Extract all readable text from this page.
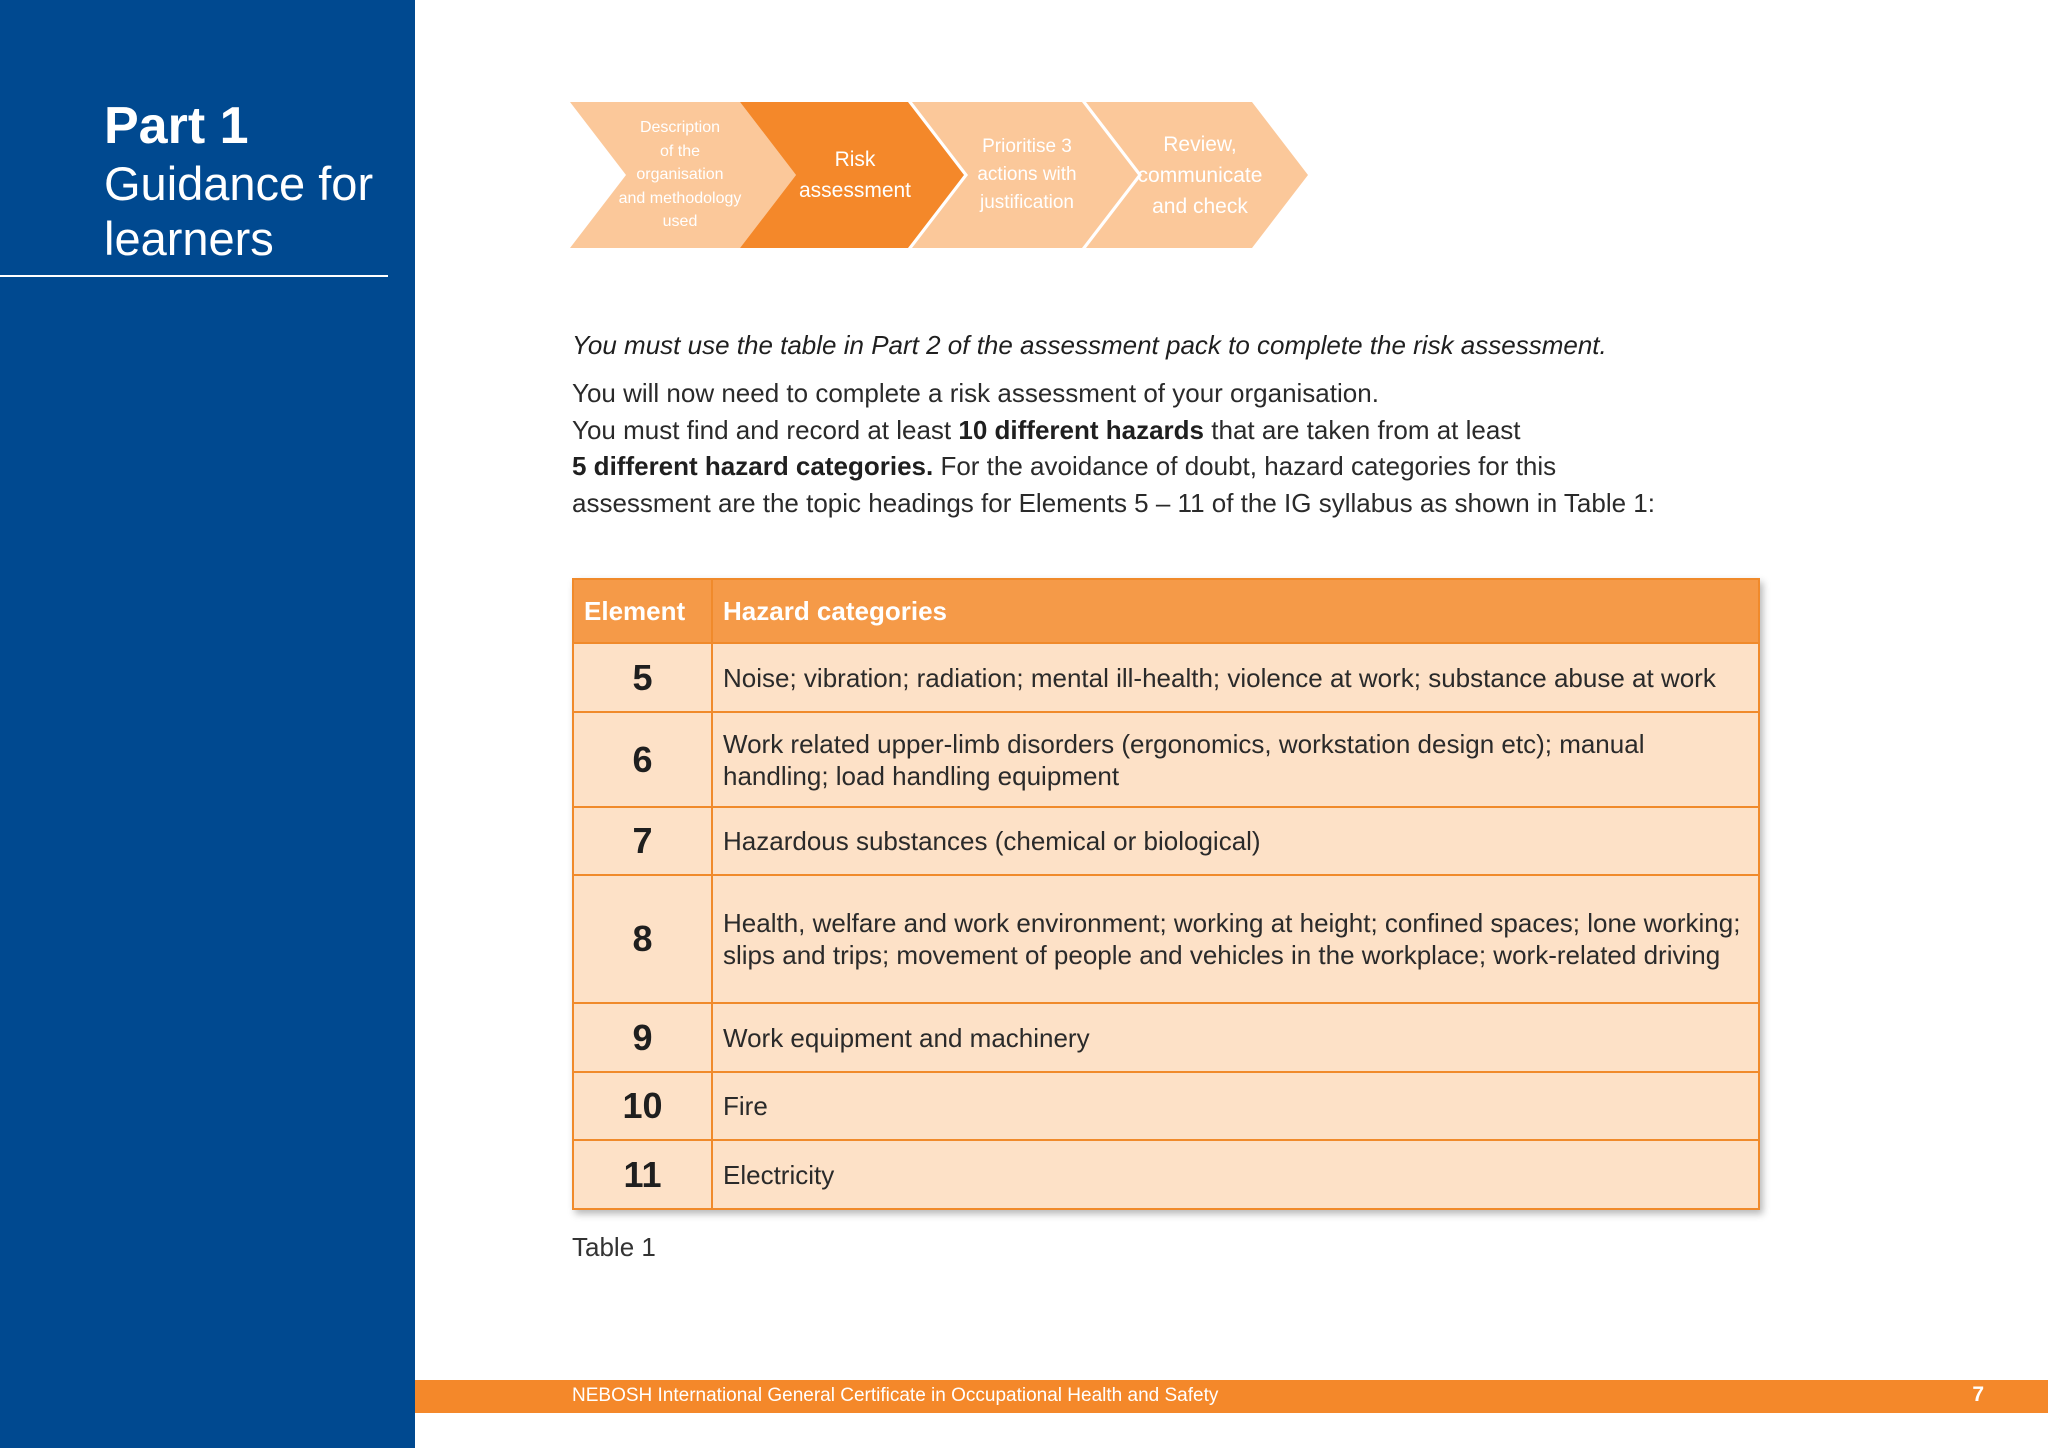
Part 1
Guidance for
learners
Description
of the
organisation
and methodology
used
Risk
assessment
Prioritise 3
actions with
justification
Review,
communicate
and check

You must use the table in Part 2 of the assessment pack to complete the risk assessment.

You will now need to complete a risk assessment of your organisation.
You must find and record at least 10 different hazards that are taken from at least
5 different hazard categories. For the avoidance of doubt, hazard categories for this
assessment are the topic headings for Elements 5 – 11 of the IG syllabus as shown in Table 1:

Element	Hazard categories
5	Noise; vibration; radiation; mental ill-health; violence at work; substance abuse at work
6	Work related upper-limb disorders (ergonomics, workstation design etc); manual handling; load handling equipment
7	Hazardous substances (chemical or biological)
8	Health, welfare and work environment; working at height; confined spaces; lone working; slips and trips; movement of people and vehicles in the workplace; work-related driving
9	Work equipment and machinery
10	Fire
11	Electricity
Table 1
NEBOSH International General Certificate in Occupational Health and Safety	7
